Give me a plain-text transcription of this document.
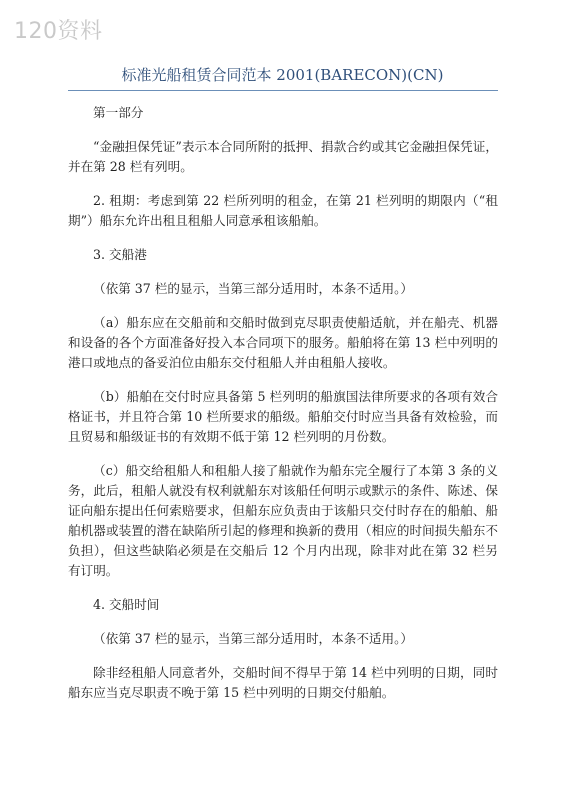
120资料
标准光船租赁合同范本 2001(BARECON)(CN)

第一部分

“金融担保凭证”表示本合同所附的抵押、捐款合约或其它金融担保凭证，并在第 28 栏有列明。

2. 租期：考虑到第 22 栏所列明的租金，在第 21 栏列明的期限内（“租期”）船东允许出租且租船人同意承租该船舶。

3. 交船港

（依第 37 栏的显示，当第三部分适用时，本条不适用。）

（a）船东应在交船前和交船时做到克尽职责使船适航，并在船壳、机器和设备的各个方面准备好投入本合同项下的服务。船舶将在第 13 栏中列明的港口或地点的备妥泊位由船东交付租船人并由租船人接收。

（b）船舶在交付时应具备第 5 栏列明的船旗国法律所要求的各项有效合格证书，并且符合第 10 栏所要求的船级。船舶交付时应当具备有效检验，而且贸易和船级证书的有效期不低于第 12 栏列明的月份数。

（c）船交给租船人和租船人接了船就作为船东完全履行了本第 3 条的义务，此后，租船人就没有权利就船东对该船任何明示或默示的条件、陈述、保证向船东提出任何索赔要求，但船东应负责由于该船只交付时存在的船舶、船舶机器或装置的潜在缺陷所引起的修理和换新的费用（相应的时间损失船东不负担），但这些缺陷必须是在交船后 12 个月内出现，除非对此在第 32 栏另有订明。

4. 交船时间

（依第 37 栏的显示，当第三部分适用时，本条不适用。）

除非经租船人同意者外，交船时间不得早于第 14 栏中列明的日期，同时船东应当克尽职责不晚于第 15 栏中列明的日期交付船舶。
